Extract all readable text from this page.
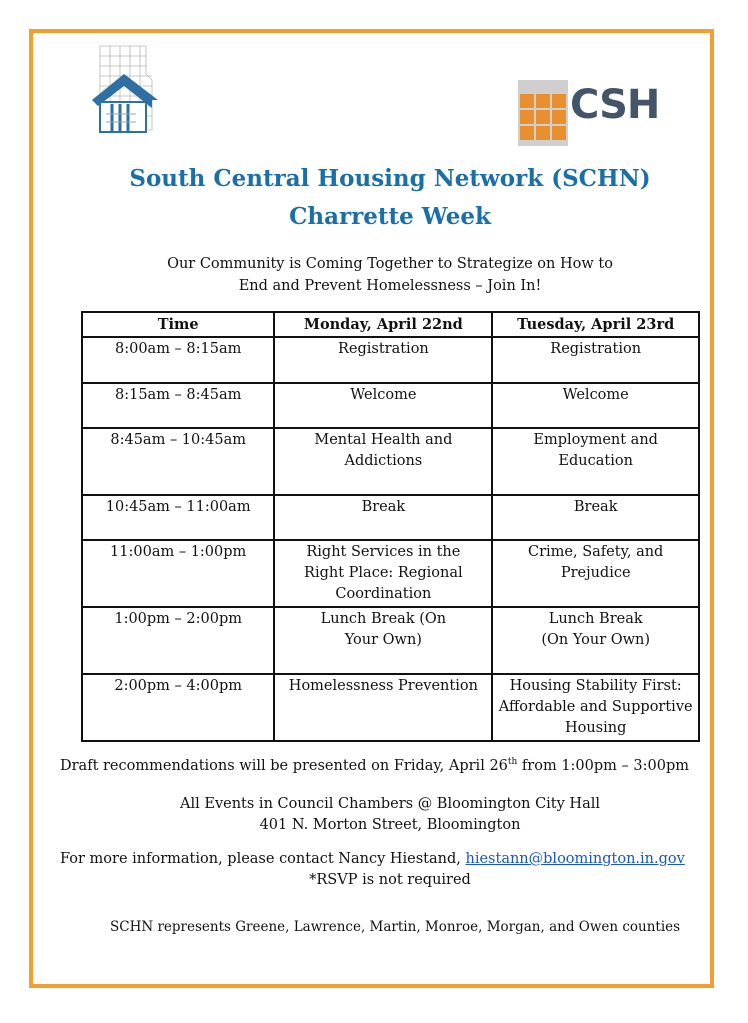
CSH
South Central Housing Network (SCHN)
Charrette Week
Our Community is Coming Together to Strategize on How to
End and Prevent Homelessness – Join In!
Time	Monday, April 22nd	Tuesday, April 23rd
8:00am – 8:15am	Registration	Registration
8:15am – 8:45am	Welcome	Welcome
8:45am – 10:45am	Mental Health and Addictions	Employment and Education
10:45am – 11:00am	Break	Break
11:00am – 1:00pm	Right Services in the Right Place: Regional Coordination	Crime, Safety, and Prejudice
1:00pm – 2:00pm	Lunch Break (On Your Own)	Lunch Break (On Your Own)
2:00pm – 4:00pm	Homelessness Prevention	Housing Stability First: Affordable and Supportive Housing
Draft recommendations will be presented on Friday, April 26th from 1:00pm – 3:00pm
All Events in Council Chambers @ Bloomington City Hall
401 N. Morton Street, Bloomington
For more information, please contact Nancy Hiestand, hiestann@bloomington.in.gov
*RSVP is not required
SCHN represents Greene, Lawrence, Martin, Monroe, Morgan, and Owen counties
